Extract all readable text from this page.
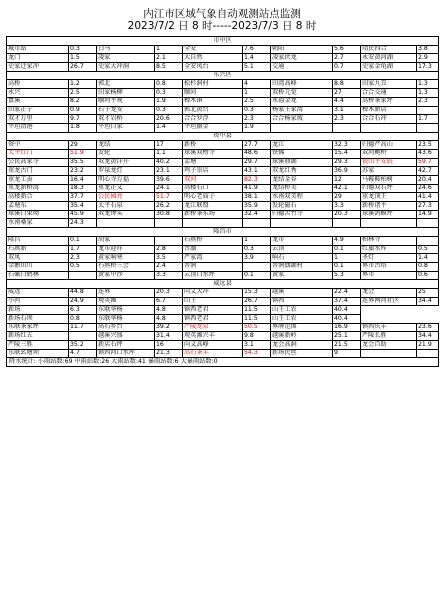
内江市区域气象自动观测站点监测
2023/7/2 日 8 时-----2023/7/3 日 8 时
市中区									
城市站	0.3	白马	1	全安	7.6	朝阳	5.6	靖民四合	3.8
龙门	1.5	凌家	2.1	大自然	1.4	凌家伏龙	2.7	永安黄河湖	2.9
史家迁家冲	26.7	史家大冲洞	8.5	全安凤台	5.1	交通	0.7	史家金龟湖	17.3
东兴区									
高桥	1.2	郭北	0.8	松杉洞村	4	田湾高峰	8.8	田家九丑	1.3
永兴	2.5	田家杨柳	0.3	顺河	1	双桥元觉	27	合合交通	1.3
富溪	8.2	顺河平观	1.9	椑木镇	2.5	永福金龙	4.4	高桥茶家坪	2.3
田家正子	0.9	石子龙安	0.3	郭北黄台	0.3	杨家王家湾	3.1	椑木新店	
双才万里	9.7	双才岩桥	20.6	合合罗浮	2.3	合合杨家坡	2.3	合合石冲	1.7
平坦清港	1.8	平坦白家	1.4	平坦丽金	1.9				
资中县									
资中	29	龙结	17	新桥	27.7	龙江	32.3	归德严高山	23.5
太平红门	51.9	发轮	1.1	球溪双榜寺	48.6	铁佛	15.4	双河鲍桥	43.6
公民高家寺	35.5	双龙黄洋开	40.2	孟塘	29.7	球溪鼎湖	29.3	银山平安院	59.7
重龙古门	23.2	罗泉龙灯	23.1	鸡子崇店	43.1	双龙红秀	36.9	苏家	42.7
重龙工贡	16.4	明心寺万福	39.6	双河	82.3	龙结金谷	12	马鞍鞍柏树	20.4
重龙新桥湾	18.3	重龙正义	24.1	高楼石口	41.9	龙结桥美	42.1	归德双石坪	24.6
高楼新合	37.7	公民园亮	51.7	明心老庙子	38.1	水南双美程	29	重龙顶王	41.4
孟塘东	35.4	太平石泉	26.2	龙江联盟	35.9	发轮磁石	3.3	新桥诸平	27.3
球溪白果坳	45.9	双龙钟头	30.8	新桥茶东场	32.4	归德苦竹寺	20.3	球溪鸽蟆坪	14.9
水南桑家	24.3								
隆昌市									
隆昌	0.1	胡家		石燕桥	1	龙市	4.9	柏林寺	
石燕新	1.7	龙市迎祥	2.8	古湖	0.3	云顶	0.1	红旗水库	0.5
双凤	2.3	黄家响寒	3.5	严家湾	3.9	响石	1	圣灯	1.4
金鹅山川	0.5	石燕桥三会	2.4	普润		普润偶湖村	0.1	界市古塔	0.8
石碾白鹤林		黄家中沙	3.3	云顶白水坪	0.1	黄家	5.3	界市	0.6
威远县									
威远	44.8	连界	20.3	向义大冲	15.3	越溪	22.4	龙会	25
小河	24.9	观英滩	6.7	山王	26.7	镇西	37.4	连界两河社区	34.4
新场	6.3	东联华杨	4.8	镇西老君	11.5	山王工农	40.4		
新场石坝	0.8	东联华杨	4.8	镇西老君	11.5	山王工农	40.4		
东联茶家坪	11.7	高石乡台	39.2	严陵龙泉	50.5	界牌范围	16.9	镇西庆丰	23.6
新场红五		越溪兴盛	31.4	观英滩兴丰	9.8	越溪新岭	25.1	严陵长胜	34.4
严陵三胜	35.2	新店石坪	16	向义高峰	3.1	龙会高洞	21.5	龙会百助	21.9
东联幺塘坝	4.7	镇西河口水库	21.3	高石茶丰	54.3	新场民丝	9		
降水统计: 小雨站数:69 中雨站数:26 大雨站数:41 暴雨站数:6 大暴雨站数:0									
